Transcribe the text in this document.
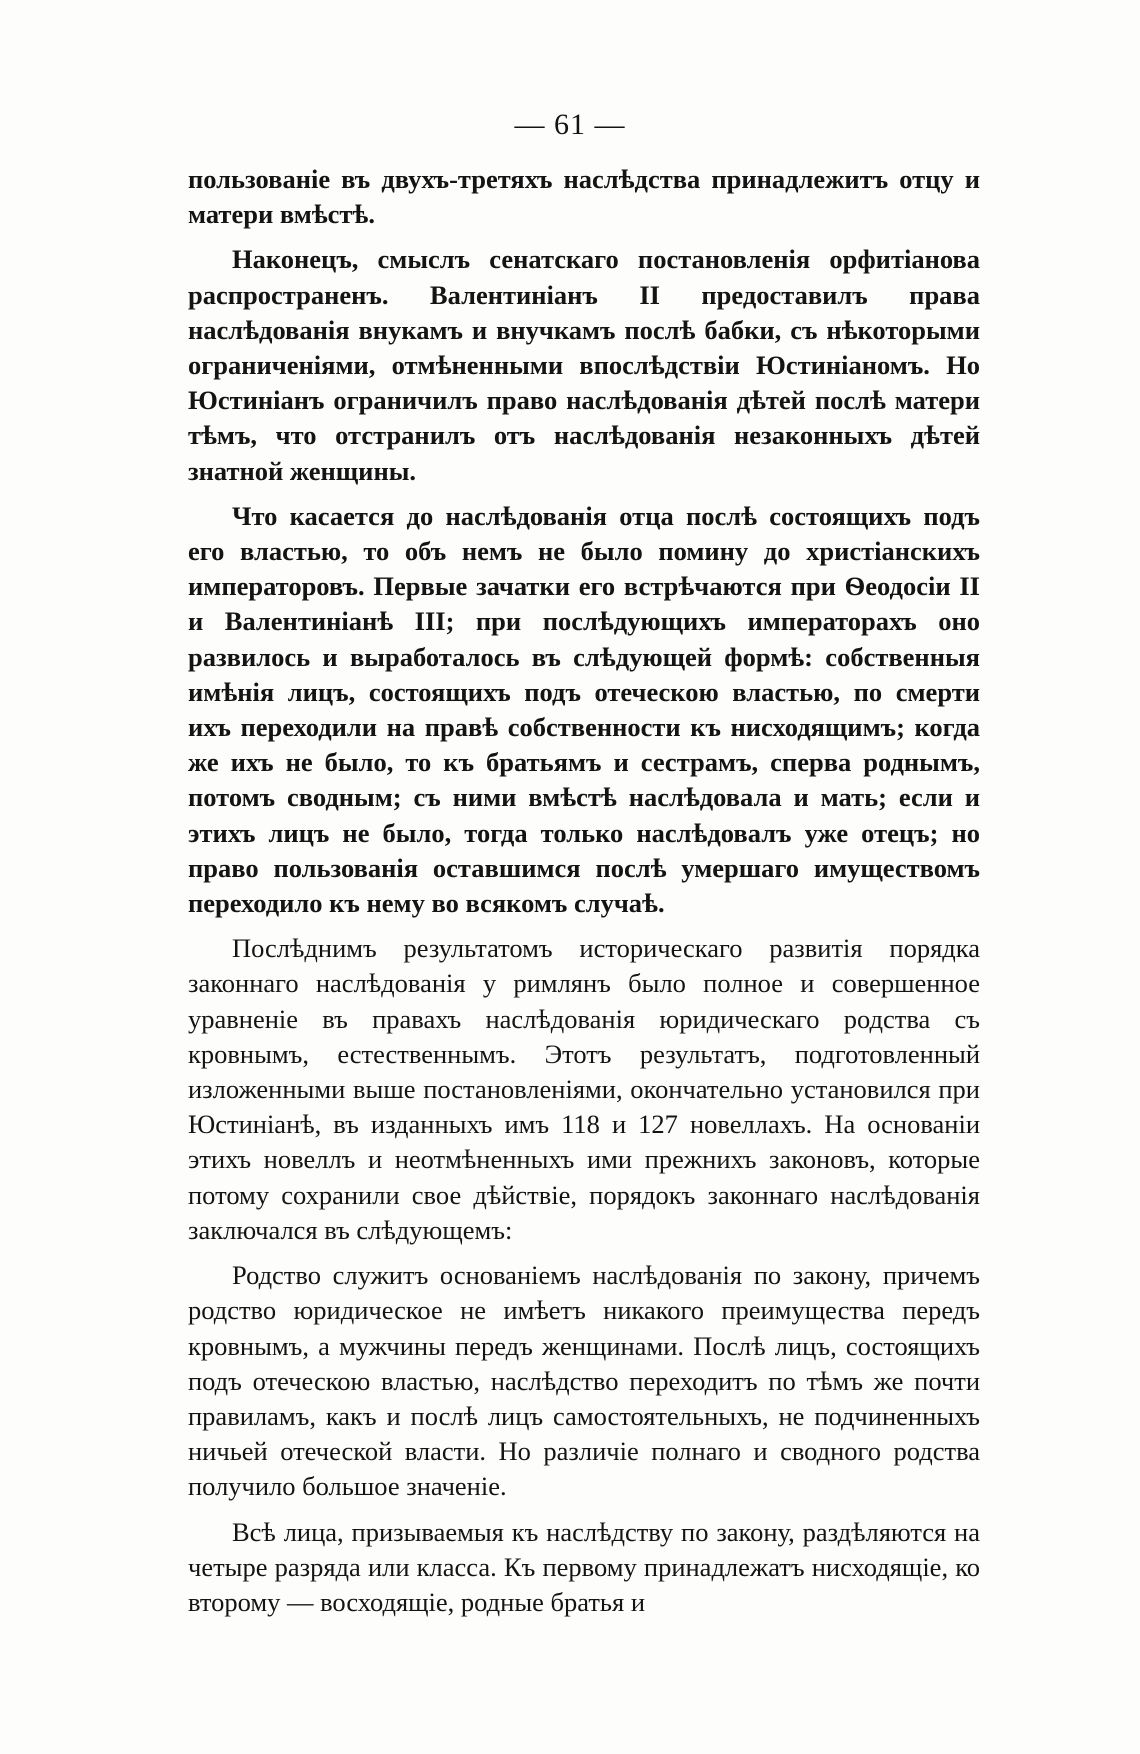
— 61 —

пользованіе въ двухъ-третяхъ наслѣдства принадлежитъ отцу и матери вмѣстѣ.

Наконецъ, смыслъ сенатскаго постановленія орфитіанова распространенъ. Валентиніанъ II предоставилъ права наслѣдованія внукамъ и внучкамъ послѣ бабки, съ нѣкоторыми ограниченіями, отмѣненными впослѣдствіи Юстиніаномъ. Но Юстиніанъ ограничилъ право наслѣдованія дѣтей послѣ матери тѣмъ, что отстранилъ отъ наслѣдованія незаконныхъ дѣтей знатной женщины.

Что касается до наслѣдованія отца послѣ состоящихъ подъ его властью, то объ немъ не было помину до христіанскихъ императоровъ. Первые зачатки его встрѣчаются при Ѳеодосіи II и Валентиніанѣ III; при послѣдующихъ императорахъ оно развилось и выработалось въ слѣдующей формѣ: собственныя имѣнія лицъ, состоящихъ подъ отеческою властью, по смерти ихъ переходили на правѣ собственности къ нисходящимъ; когда же ихъ не было, то къ братьямъ и сестрамъ, сперва роднымъ, потомъ сводным; съ ними вмѣстѣ наслѣдовала и мать; если и этихъ лицъ не было, тогда только наслѣдовалъ уже отецъ; но право пользованія оставшимся послѣ умершаго имуществомъ переходило къ нему во всякомъ случаѣ.

Послѣднимъ результатомъ историческаго развитія порядка законнаго наслѣдованія у римлянъ было полное и совершенное уравненіе въ правахъ наслѣдованія юридическаго родства съ кровнымъ, естественнымъ. Этотъ результатъ, подготовленный изложенными выше постановленіями, окончательно установился при Юстиніанѣ, въ изданныхъ имъ 118 и 127 новеллахъ. На основаніи этихъ новеллъ и неотмѣненныхъ ими прежнихъ законовъ, которые потому сохранили свое дѣйствіе, порядокъ законнаго наслѣдованія заключался въ слѣдующемъ:

Родство служитъ основаніемъ наслѣдованія по закону, причемъ родство юридическое не имѣетъ никакого преимущества передъ кровнымъ, а мужчины передъ женщинами. Послѣ лицъ, состоящихъ подъ отеческою властью, наслѣдство переходитъ по тѣмъ же почти правиламъ, какъ и послѣ лицъ самостоятельныхъ, не подчиненныхъ ничьей отеческой власти. Но различіе полнаго и сводного родства получило большое значеніе.

Всѣ лица, призываемыя къ наслѣдству по закону, раздѣляются на четыре разряда или класса. Къ первому принадлежатъ нисходящіе, ко второму — восходящіе, родные братья и
